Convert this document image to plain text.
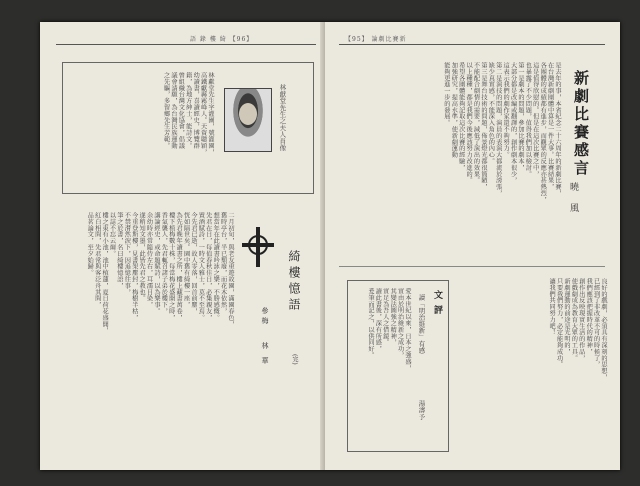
語 錄 樓 綺 【96】
林獻堂先生之夫人肖像
林獻堂先生字灌園，號灌園，
高鐵獻縣霧峰人。天資聰穎，
幼讀書，喜讀經史，博覽群
籍，為地方紳士，能詩文。
曾組織台灣文化協會，倡議
議會請願，為台灣民族運動
之先驅，多留鄉先生芳範。
綺樓憶語
(完)
參梅
林華
二月初旬，與老友重遊故園，滿園春色，
舊時亭台，半已頹廢，而花木依然，
想當年在此讀書吟詠之樂，不勝感慨。
先君在日，每值春秋佳日，必集親友，
置酒賦詩，一時文人雅士，莫不至焉。
今先君已逝，故人零落，回首前塵，
恍如隔世矣。園中舊有綺樓一座，
為先君晚年讀書之所，樓上藏書萬卷，
樓下植梅數十株，每當梅花盛開之時，
香氣襲人，先君輒召諸子弟於樓下，
講論經史，或命題賦詩，以為樂事。
余幼時亦常隨侍左右，耳濡目染，
遂稍知文墨，此皆先君之教也。
今重登斯樓，見書架塵封，梅樹半枯，
不禁潸然淚下，因追憶往事，
筆之於書，名曰綺樓憶語，
以誌不忘云爾。
樓之東有小池，池中植蓮，夏日荷花盛開，
紅白相間，先君常與客泛舟其間，
品茗論文，至夕始歸。
【95】 論劇比賽新
新劇比賽感言
曉風
是去年的事，本省紀念二十六周年的新劇比賽，
在台灣新劇團體中算是一件大事。比賽結果，
各團體的成績都有進步，而觀眾的反應亦甚熱烈，
這是值得欣慰的。但是在這次比賽之中，
也暴露了不少問題，值得我們加以檢討。
第一是劇本的問題，參加比賽的劇本，
大部分都是改編或翻譯的，創作劇本很少，
這表示我們的劇作家還不夠努力。
第二是演技的問題，演員的表演大都流於誇張，
缺少真實感，不能深入角色的內心。
第三是舞台技術的問題，佈景燈光都很簡陋，
不能配合劇情的需要，減低了演出的效果。
以上種種，都是我們今後應該努力改進的。
希望各團體能夠記取這次比賽的經驗，
加強研究，提高水準，使新劇運動
能夠更進一步的發展。
文評
讀「明治維新」有感
湯濤予
愛本世紀以來，日本之強盛，
實由於明治維新之成功，
其變法圖強之精神，
實足為吾人之借鏡。
讀此書後，深有所感，
爰筆而記之，以供同好。	良好的戲劇，必須具有深刻的思想，
已經到了非改革不可的時候了，
我們應該把握時代的精神，
創作出反映現實生活的作品，
使戲劇成為教育大眾的工具。
新劇運動的前途是光明的，
只要我們努力，必定能夠成功。
讓我們共同努力吧！
